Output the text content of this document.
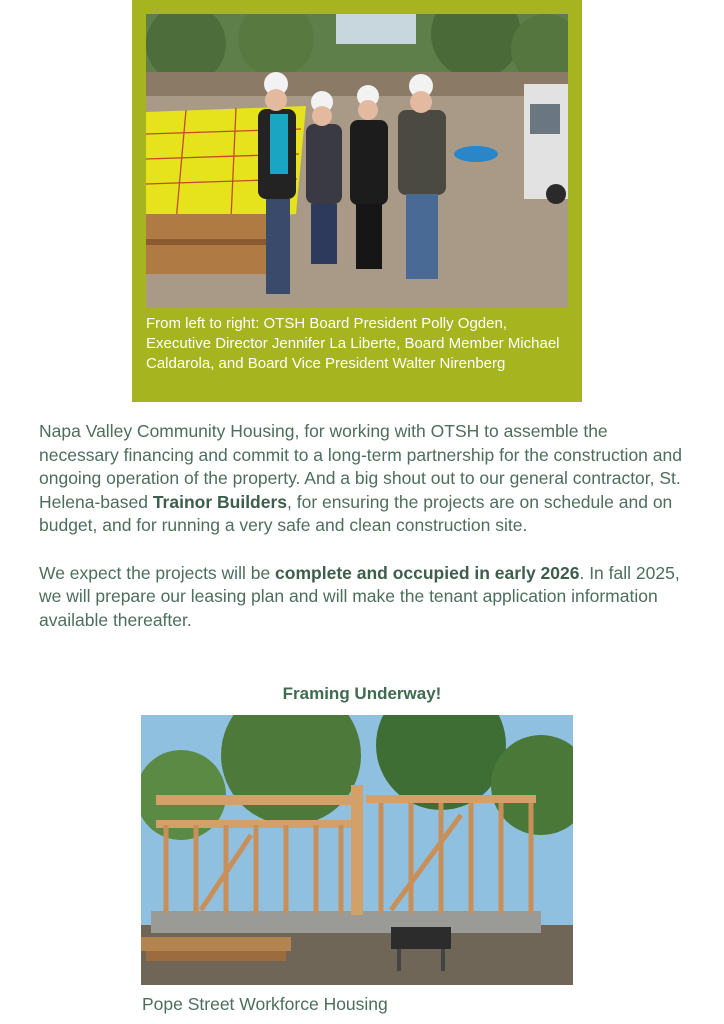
From left to right: OTSH Board President Polly Ogden, Executive Director Jennifer La Liberte, Board Member Michael Caldarola, and Board Vice President Walter Nirenberg

Napa Valley Community Housing, for working with OTSH to assemble the necessary financing and commit to a long-term partnership for the construction and ongoing operation of the property. And a big shout out to our general contractor, St. Helena-based Trainor Builders, for ensuring the projects are on schedule and on budget, and for running a very safe and clean construction site.

We expect the projects will be complete and occupied in early 2026. In fall 2025, we will prepare our leasing plan and will make the tenant application information available thereafter.

Framing Underway!
Pope Street Workforce Housing
